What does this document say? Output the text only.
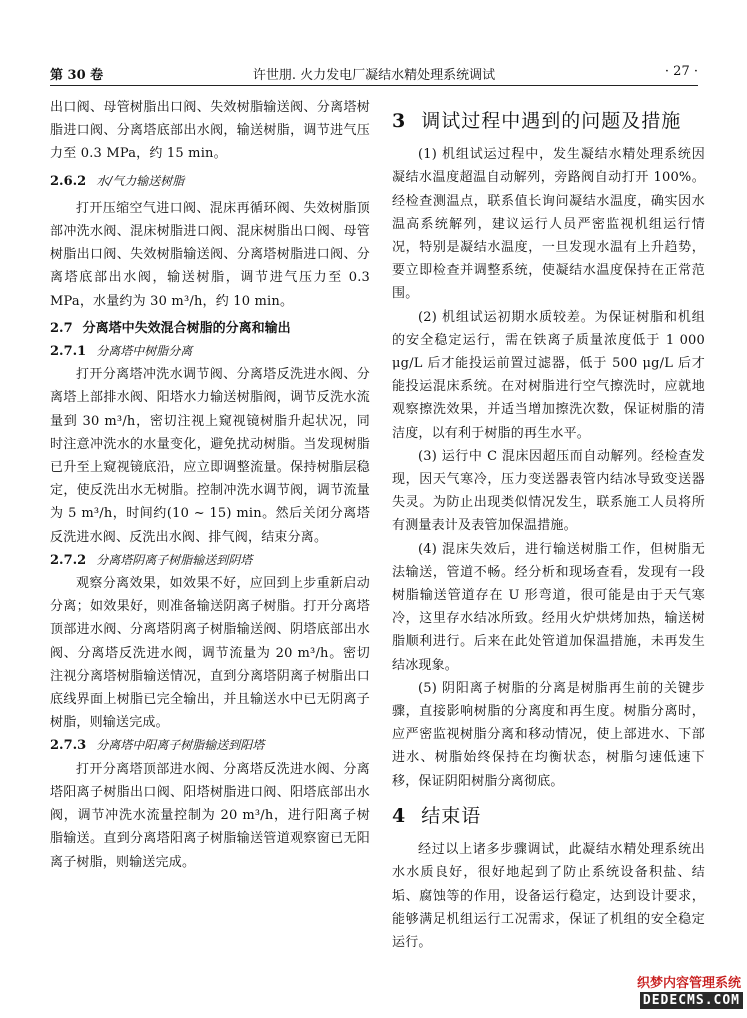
第 30 卷	许世朋. 火力发电厂凝结水精处理系统调试	· 27 ·

出口阀、母管树脂出口阀、失效树脂输送阀、分离塔树脂进口阀、分离塔底部出水阀，输送树脂，调节进气压力至 0.3 MPa，约 15 min。

2.6.2 水/气力输送树脂

打开压缩空气进口阀、混床再循环阀、失效树脂顶部冲洗水阀、混床树脂进口阀、混床树脂出口阀、母管树脂出口阀、失效树脂输送阀、分离塔树脂进口阀、分离塔底部出水阀，输送树脂，调节进气压力至 0.3 MPa，水量约为 30 m³/h，约 10 min。

2.7 分离塔中失效混合树脂的分离和输出
2.7.1 分离塔中树脂分离

打开分离塔冲洗水调节阀、分离塔反洗进水阀、分离塔上部排水阀、阳塔水力输送树脂阀，调节反洗水流量到 30 m³/h，密切注视上窥视镜树脂升起状况，同时注意冲洗水的水量变化，避免扰动树脂。当发现树脂已升至上窥视镜底沿，应立即调整流量。保持树脂层稳定，使反洗出水无树脂。控制冲洗水调节阀，调节流量为 5 m³/h，时间约(10 ~ 15) min。然后关闭分离塔反洗进水阀、反洗出水阀、排气阀，结束分离。

2.7.2 分离塔阴离子树脂输送到阴塔

观察分离效果，如效果不好，应回到上步重新启动分离；如效果好，则准备输送阴离子树脂。打开分离塔顶部进水阀、分离塔阴离子树脂输送阀、阴塔底部出水阀、分离塔反洗进水阀，调节流量为 20 m³/h。密切注视分离塔树脂输送情况，直到分离塔阴离子树脂出口底线界面上树脂已完全输出，并且输送水中已无阴离子树脂，则输送完成。

2.7.3 分离塔中阳离子树脂输送到阳塔

打开分离塔顶部进水阀、分离塔反洗进水阀、分离塔阳离子树脂出口阀、阳塔树脂进口阀、阳塔底部出水阀，调节冲洗水流量控制为 20 m³/h，进行阳离子树脂输送。直到分离塔阳离子树脂输送管道观察窗已无阳离子树脂，则输送完成。

3 调试过程中遇到的问题及措施

(1) 机组试运过程中，发生凝结水精处理系统因凝结水温度超温自动解列，旁路阀自动打开 100%。经检查测温点，联系值长询问凝结水温度，确实因水温高系统解列，建议运行人员严密监视机组运行情况，特别是凝结水温度，一旦发现水温有上升趋势，要立即检查并调整系统，使凝结水温度保持在正常范围。

(2) 机组试运初期水质较差。为保证树脂和机组的安全稳定运行，需在铁离子质量浓度低于 1 000 μg/L 后才能投运前置过滤器，低于 500 μg/L 后才能投运混床系统。在对树脂进行空气擦洗时，应就地观察擦洗效果，并适当增加擦洗次数，保证树脂的清洁度，以有利于树脂的再生水平。

(3) 运行中 C 混床因超压而自动解列。经检查发现，因天气寒冷，压力变送器表管内结冰导致变送器失灵。为防止出现类似情况发生，联系施工人员将所有测量表计及表管加保温措施。

(4) 混床失效后，进行输送树脂工作，但树脂无法输送，管道不畅。经分析和现场查看，发现有一段树脂输送管道存在 U 形弯道，很可能是由于天气寒冷，这里存水结冰所致。经用火炉烘烤加热，输送树脂顺利进行。后来在此处管道加保温措施，未再发生结冰现象。

(5) 阴阳离子树脂的分离是树脂再生前的关键步骤，直接影响树脂的分离度和再生度。树脂分离时，应严密监视树脂分离和移动情况，使上部进水、下部进水、树脂始终保持在均衡状态，树脂匀速低速下移，保证阴阳树脂分离彻底。

4 结束语

经过以上诸多步骤调试，此凝结水精处理系统出水水质良好，很好地起到了防止系统设备积盐、结垢、腐蚀等的作用，设备运行稳定，达到设计要求，能够满足机组运行工况需求，保证了机组的安全稳定运行。

织梦内容管理系统
DEDECMS.COM
